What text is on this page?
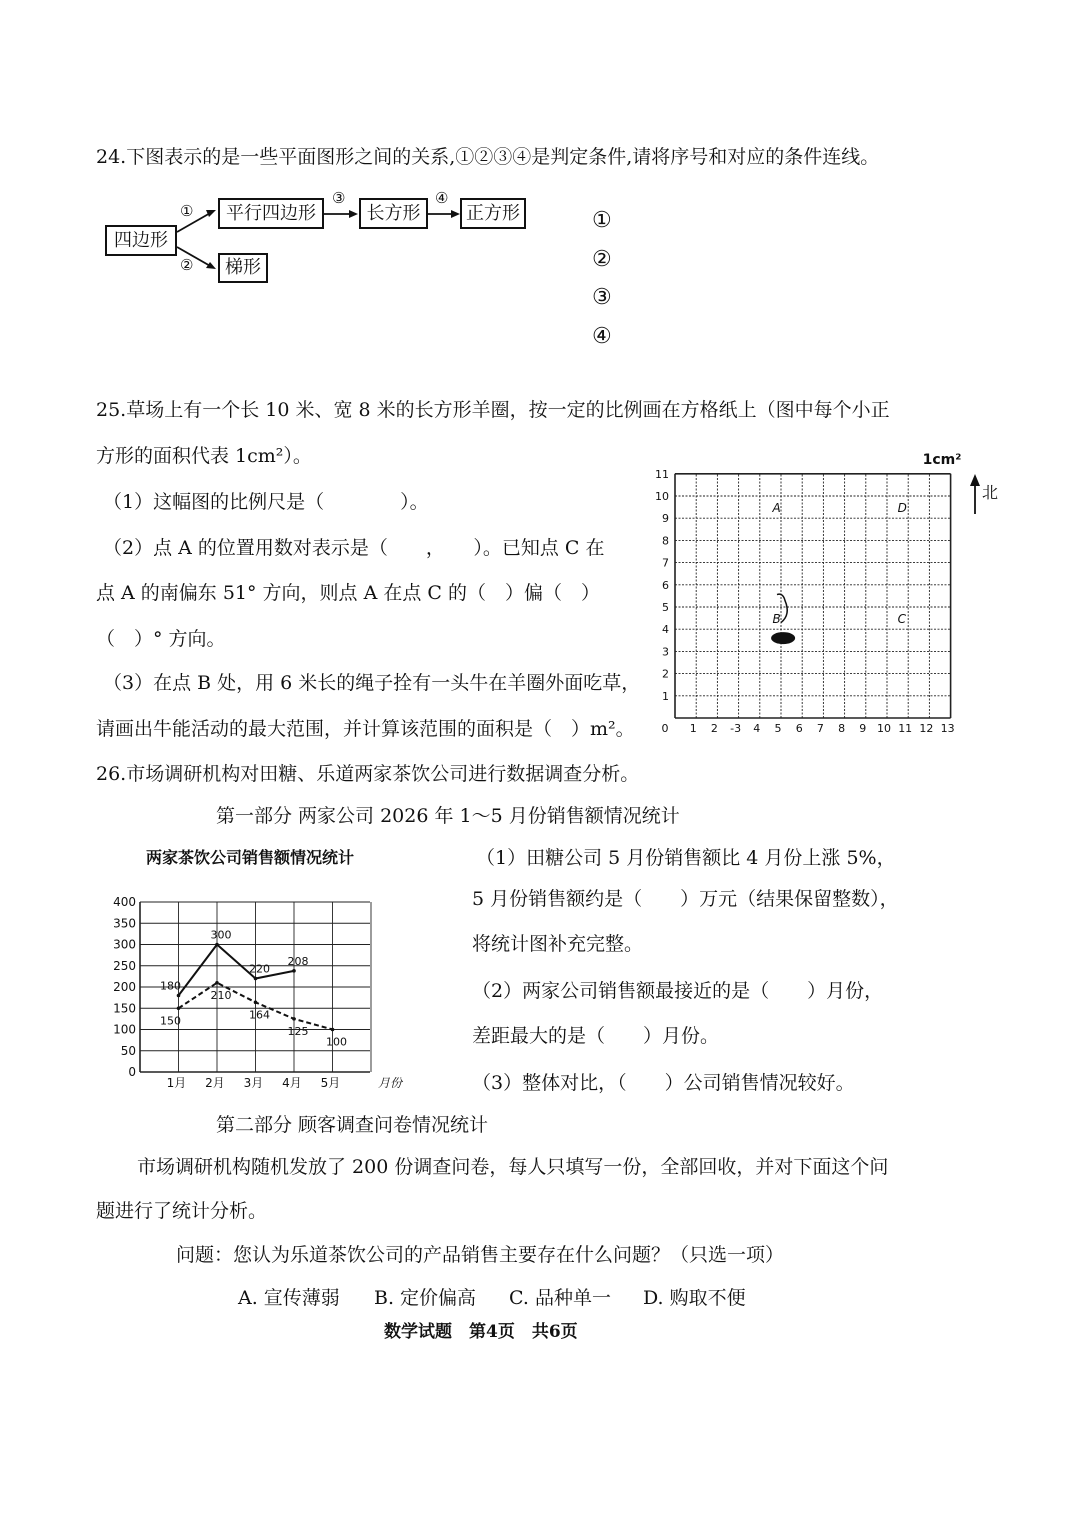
24.下图表示的是一些平面图形之间的关系,①②③④是判定条件,请将序号和对应的条件连线。
四边形
平行四边形
梯形
长方形	正方形
①
②
③	④
①
②
③
④
25.草场上有一个长 10 米、宽 8 米的长方形羊圈，按一定的比例画在方格纸上（图中每个小正
方形的面积代表 1cm²）。
（1）这幅图的比例尺是（　　　　）。
（2）点 A 的位置用数对表示是（　　，　　）。已知点 C 在
点 A 的南偏东 51° 方向，则点 A 在点 C 的（　）偏（　）
（　）° 方向。
（3）在点 B 处，用 6 米长的绳子拴有一头牛在羊圈外面吃草，
请画出牛能活动的最大范围，并计算该范围的面积是（　）m²。 0 1 2 -3 4 5 6 7 8 9 10 11 12 13
1
2
3
4
5
6
7
8
9
10
11
A	D
B	C
1cm²
北
26.市场调研机构对田糖、乐道两家茶饮公司进行数据调查分析。
第一部分 两家公司 2026 年 1～5 月份销售额情况统计
两家茶饮公司销售额情况统计
0
50
100
150
200
250
300
350
400
1月 2月 3月 4月 5月	月份
180
300
220
208
150
210
164
125
100
（1）田糖公司 5 月份销售额比 4 月份上涨 5%，
5 月份销售额约是（　　）万元（结果保留整数），
将统计图补充完整。
（2）两家公司销售额最接近的是（　　）月份，
差距最大的是（　　）月份。
（3）整体对比，（　　）公司销售情况较好。
第二部分 顾客调查问卷情况统计
市场调研机构随机发放了 200 份调查问卷，每人只填写一份，全部回收，并对下面这个问
题进行了统计分析。
问题：您认为乐道茶饮公司的产品销售主要存在什么问题？（只选一项）
A. 宣传薄弱 B. 定价偏高 C. 品种单一 D. 购取不便
数学试题　第4页　共6页
